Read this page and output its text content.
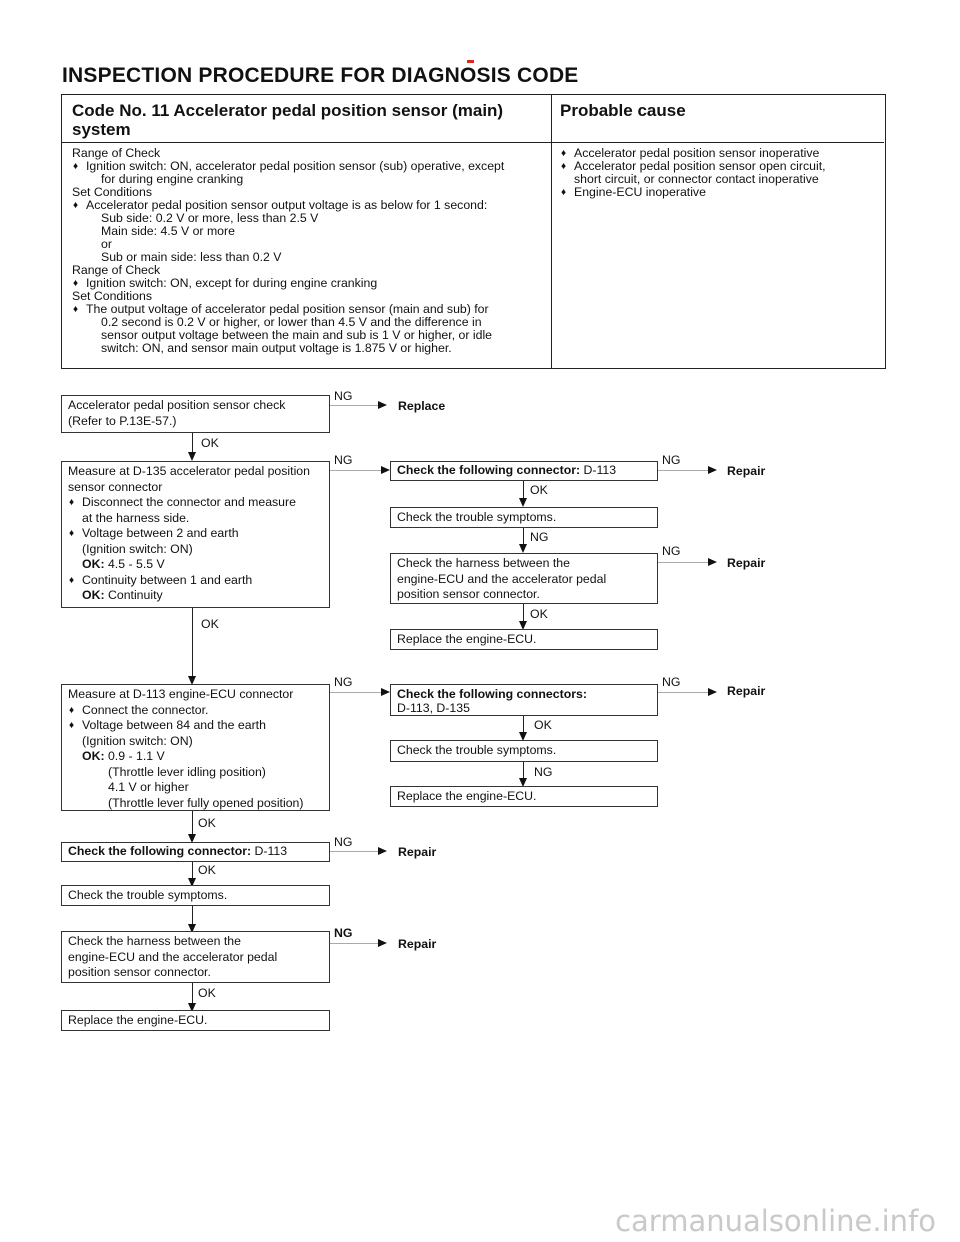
INSPECTION PROCEDURE FOR DIAGNOSIS CODE
Code No. 11 Accelerator pedal position sensor (main) system
Probable cause
Range of Check
♦ Ignition switch: ON, accelerator pedal position sensor (sub) operative, except
for during engine cranking
Set Conditions
♦ Accelerator pedal position sensor output voltage is as below for 1 second:
Sub side: 0.2 V or more, less than 2.5 V
Main side: 4.5 V or more
or
Sub or main side: less than 0.2 V
Range of Check
♦ Ignition switch: ON, except for during engine cranking
Set Conditions
♦ The output voltage of accelerator pedal position sensor (main and sub) for
0.2 second is 0.2 V or higher, or lower than 4.5 V and the difference in
sensor output voltage between the main and sub is 1 V or higher, or idle
switch: ON, and sensor main output voltage is 1.875 V or higher.
♦ Accelerator pedal position sensor inoperative
♦ Accelerator pedal position sensor open circuit,
short circuit, or connector contact inoperative
♦ Engine-ECU inoperative
Accelerator pedal position sensor check
(Refer to P.13E-57.)
NG
Replace
OK
Measure at D-135 accelerator pedal position
sensor connector
♦ Disconnect the connector and measure
at the harness side.
♦ Voltage between 2 and earth
(Ignition switch: ON)
OK: 4.5 - 5.5 V
♦ Continuity between 1 and earth
OK: Continuity
NG
Check the following connector: D-113
NG
Repair
OK
Check the trouble symptoms.
NG
Check the harness between the
engine-ECU and the accelerator pedal
position sensor connector.
NG
Repair
OK
Replace the engine-ECU.
OK
Measure at D-113 engine-ECU connector
♦ Connect the connector.
♦ Voltage between 84 and the earth
(Ignition switch: ON)
OK: 0.9 - 1.1 V
(Throttle lever idling position)
4.1 V or higher
(Throttle lever fully opened position)
NG
Check the following connectors:
D-113, D-135
NG
Repair
OK
Check the trouble symptoms.
NG
Replace the engine-ECU.
OK
Check the following connector: D-113
NG
Repair
OK
Check the trouble symptoms.
Check the harness between the
engine-ECU and the accelerator pedal
position sensor connector.
NG
Repair
OK
Replace the engine-ECU.
carmanualsonline.info
